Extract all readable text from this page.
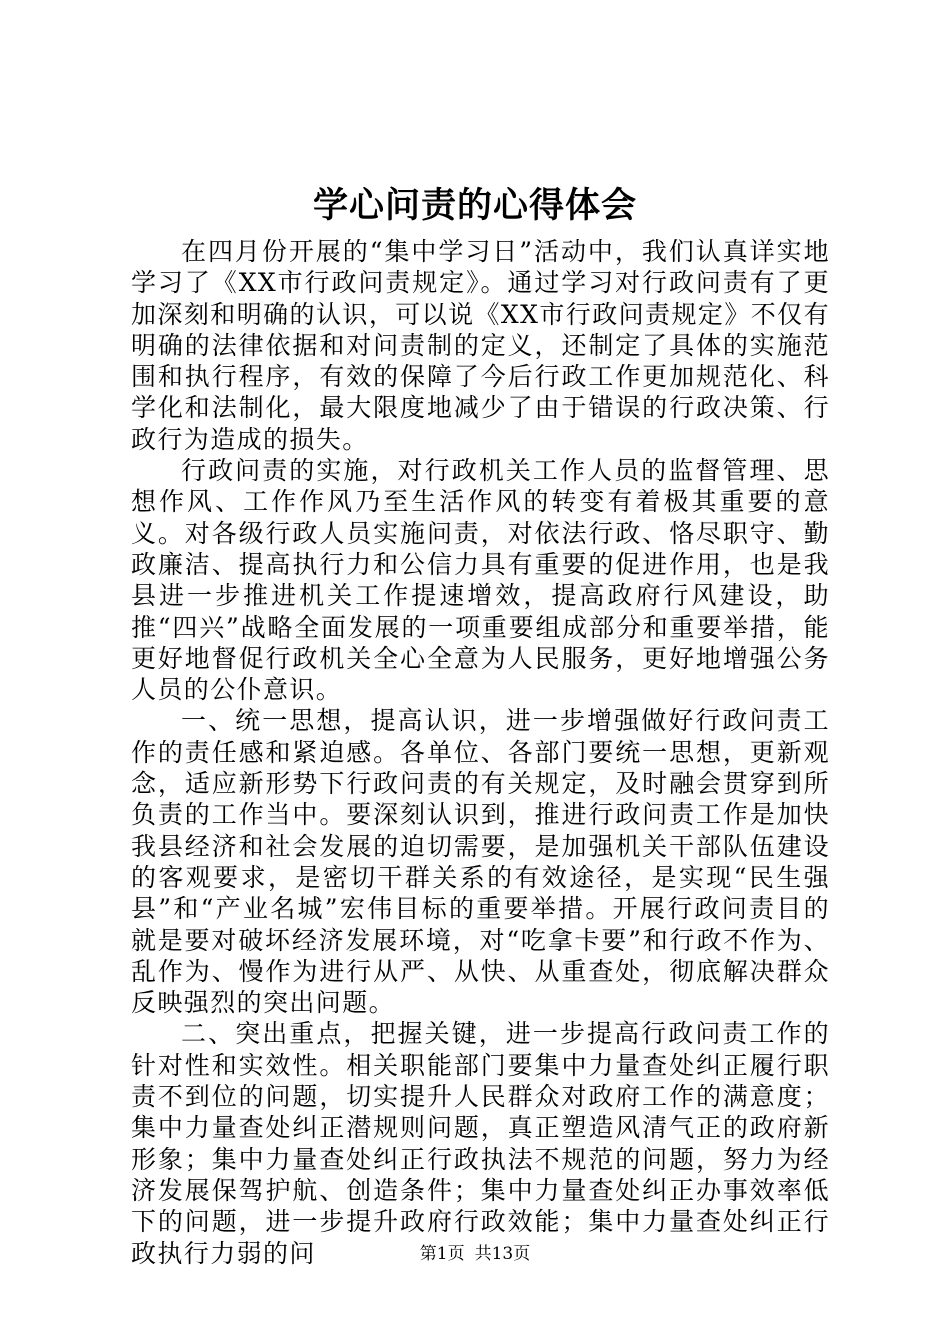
学心问责的心得体会

在四月份开展的“集中学习日”活动中，我们认真详实地学习了《XX市行政问责规定》。通过学习对行政问责有了更加深刻和明确的认识，可以说《XX市行政问责规定》不仅有明确的法律依据和对问责制的定义，还制定了具体的实施范围和执行程序，有效的保障了今后行政工作更加规范化、科学化和法制化，最大限度地减少了由于错误的行政决策、行政行为造成的损失。

行政问责的实施，对行政机关工作人员的监督管理、思想作风、工作作风乃至生活作风的转变有着极其重要的意义。对各级行政人员实施问责，对依法行政、恪尽职守、勤政廉洁、提高执行力和公信力具有重要的促进作用，也是我县进一步推进机关工作提速增效，提高政府行风建设，助推“四兴”战略全面发展的一项重要组成部分和重要举措，能更好地督促行政机关全心全意为人民服务，更好地增强公务人员的公仆意识。

一、统一思想，提高认识，进一步增强做好行政问责工作的责任感和紧迫感。各单位、各部门要统一思想，更新观念，适应新形势下行政问责的有关规定，及时融会贯穿到所负责的工作当中。要深刻认识到，推进行政问责工作是加快我县经济和社会发展的迫切需要，是加强机关干部队伍建设的客观要求，是密切干群关系的有效途径，是实现“民生强县”和“产业名城”宏伟目标的重要举措。开展行政问责目的就是要对破坏经济发展环境，对“吃拿卡要”和行政不作为、乱作为、慢作为进行从严、从快、从重查处，彻底解决群众反映强烈的突出问题。

二、突出重点，把握关键，进一步提高行政问责工作的针对性和实效性。相关职能部门要集中力量查处纠正履行职责不到位的问题，切实提升人民群众对政府工作的满意度；集中力量查处纠正潜规则问题，真正塑造风清气正的政府新形象；集中力量查处纠正行政执法不规范的问题，努力为经济发展保驾护航、创造条件；集中力量查处纠正办事效率低下的问题，进一步提升政府行政效能；集中力量查处纠正行政执行力弱的问	第1页 共13页
